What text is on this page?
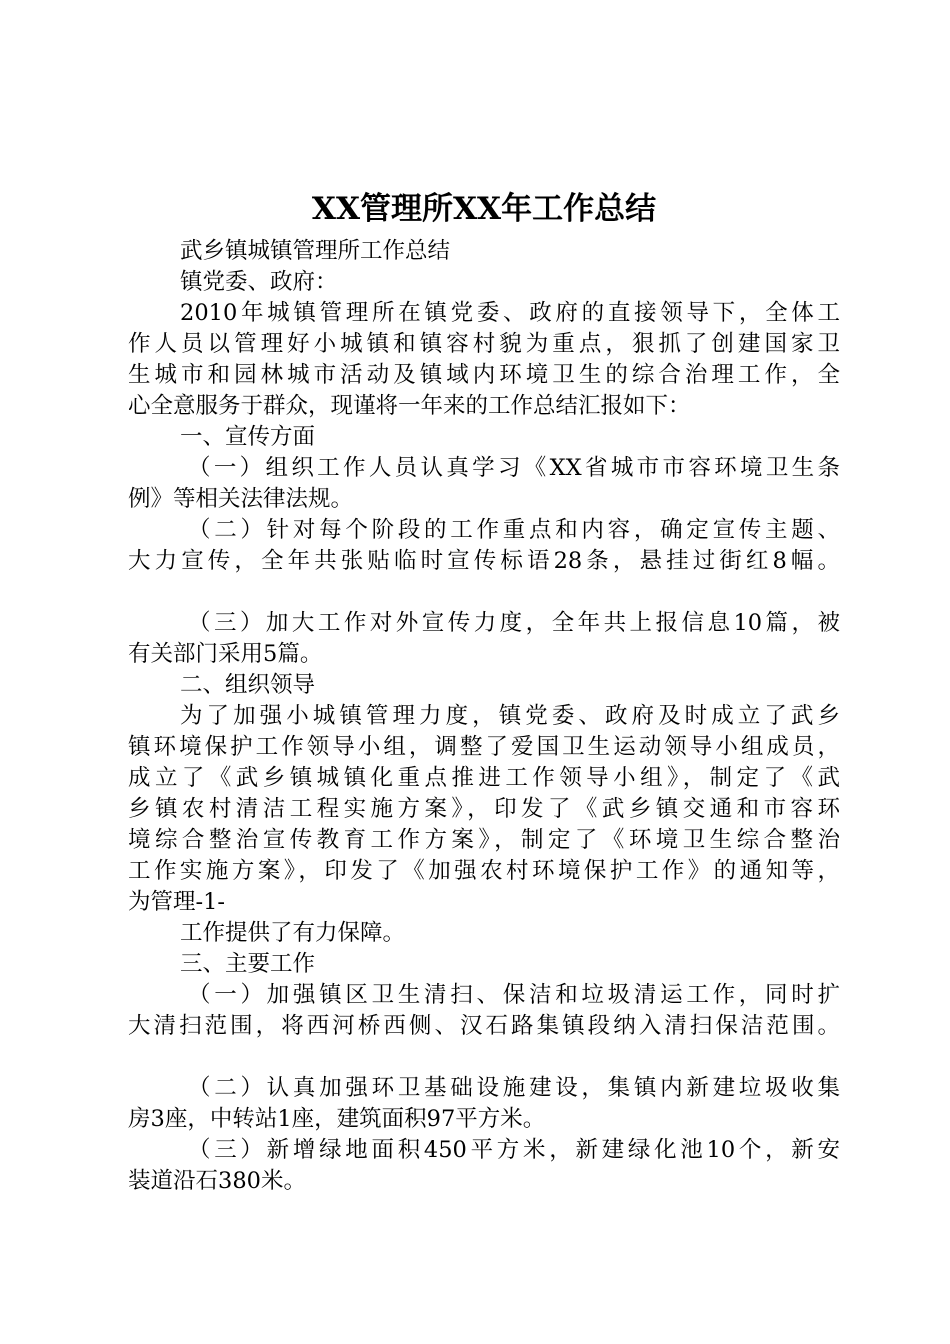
XX管理所XX年工作总结

武乡镇城镇管理所工作总结

镇党委、政府：

2010年城镇管理所在镇党委、政府的直接领导下，全体工

作人员以管理好小城镇和镇容村貌为重点，狠抓了创建国家卫

生城市和园林城市活动及镇域内环境卫生的综合治理工作，全

心全意服务于群众，现谨将一年来的工作总结汇报如下：

一、宣传方面

（一）组织工作人员认真学习《XX省城市市容环境卫生条

例》等相关法律法规。

（二）针对每个阶段的工作重点和内容，确定宣传主题、

大力宣传，全年共张贴临时宣传标语28条，悬挂过街红8幅。

（三）加大工作对外宣传力度，全年共上报信息10篇，被

有关部门采用5篇。

二、组织领导

为了加强小城镇管理力度，镇党委、政府及时成立了武乡

镇环境保护工作领导小组，调整了爱国卫生运动领导小组成员，

成立了《武乡镇城镇化重点推进工作领导小组》，制定了《武

乡镇农村清洁工程实施方案》，印发了《武乡镇交通和市容环

境综合整治宣传教育工作方案》，制定了《环境卫生综合整治

工作实施方案》，印发了《加强农村环境保护工作》的通知等，

为管理-1-

工作提供了有力保障。

三、主要工作

（一）加强镇区卫生清扫、保洁和垃圾清运工作，同时扩

大清扫范围，将西河桥西侧、汉石路集镇段纳入清扫保洁范围。

（二）认真加强环卫基础设施建设，集镇内新建垃圾收集

房3座，中转站1座，建筑面积97平方米。

（三）新增绿地面积450平方米，新建绿化池10个，新安

装道沿石380米。
